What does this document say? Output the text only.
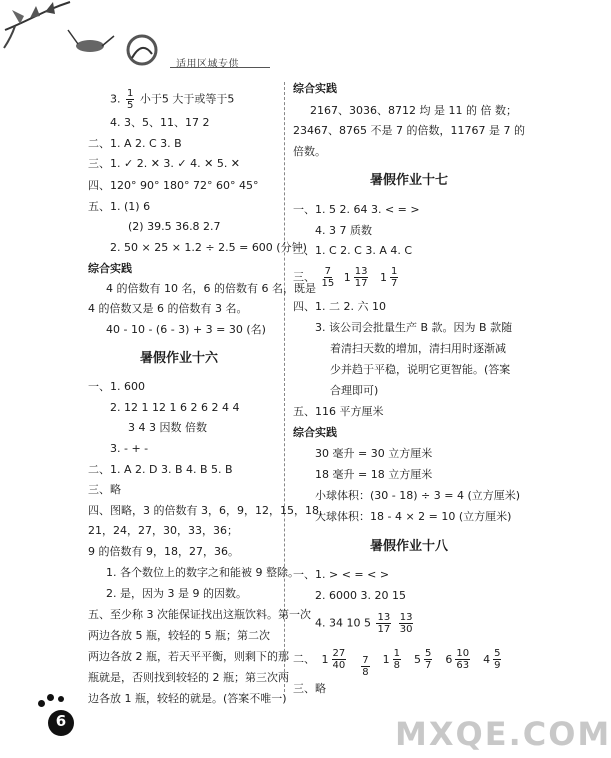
适用区域专供
3. $\frac{1}{5}$ 小于5 大于或等于5
4. 3、5、11、17 2
二、1. A 2. C 3. B
三、1. ✓ 2. ✕ 3. ✓ 4. ✕ 5. ✕
四、120° 90° 180° 72° 60° 45°
五、1. (1) 6
(2) 39.5 36.8 2.7
2. 50 × 25 × 1.2 ÷ 2.5 = 600 (分钟)
综合实践
4 的倍数有 10 名，6 的倍数有 6 名，既是
4 的倍数又是 6 的倍数有 3 名。
40 - 10 - (6 - 3) + 3 = 30 (名)
暑假作业十六
一、1. 600
2. 12 1 12 1 6 2 6 2 4 4
3 4 3 因数 倍数
3. - + -
二、1. A 2. D 3. B 4. B 5. B
三、略
四、图略，3 的倍数有 3，6，9，12，15，18，
21，24，27，30，33，36；
9 的倍数有 9，18，27，36。
1. 各个数位上的数字之和能被 9 整除。
2. 是，因为 3 是 9 的因数。
五、至少称 3 次能保证找出这瓶饮料。第一次
两边各放 5 瓶，较轻的 5 瓶；第二次
两边各放 2 瓶，若天平平衡，则剩下的那
瓶就是，否则找到较轻的 2 瓶；第三次两
边各放 1 瓶，较轻的就是。(答案不唯一)
综合实践
2167、3036、8712 均 是 11 的 倍 数；
23467、8765 不是 7 的倍数，11767 是 7 的
倍数。
暑假作业十七
一、1. 5 2. 64 3. < = >
4. 3 7 质数
二、1. C 2. C 3. A 4. C
三、 $\frac{7}{15}$
$1 \frac{13}{17}$
$1 \frac{1}{7}$
四、1. 二 2. 六 10
3. 该公司会批量生产 B 款。因为 B 款随
着清扫天数的增加，清扫用时逐渐减
少并趋于平稳，说明它更智能。(答案
合理即可)
五、116 平方厘米
综合实践
30 毫升 = 30 立方厘米
18 毫升 = 18 立方厘米
小球体积：(30 - 18) ÷ 3 = 4 (立方厘米)
大球体积：18 - 4 × 2 = 10 (立方厘米)
暑假作业十八
一、1. > < = < >
2. 6000 3. 20 15
4. 34 10 $5 \frac{13}{17}$
$\frac{13}{30}$
二、 $1 \frac{27}{40} \frac{7}{8} 1 \frac{1}{8} 5 \frac{5}{7} 6 \frac{10}{63} 4 \frac{5}{9}$
三、略
6	MXQE.COM
